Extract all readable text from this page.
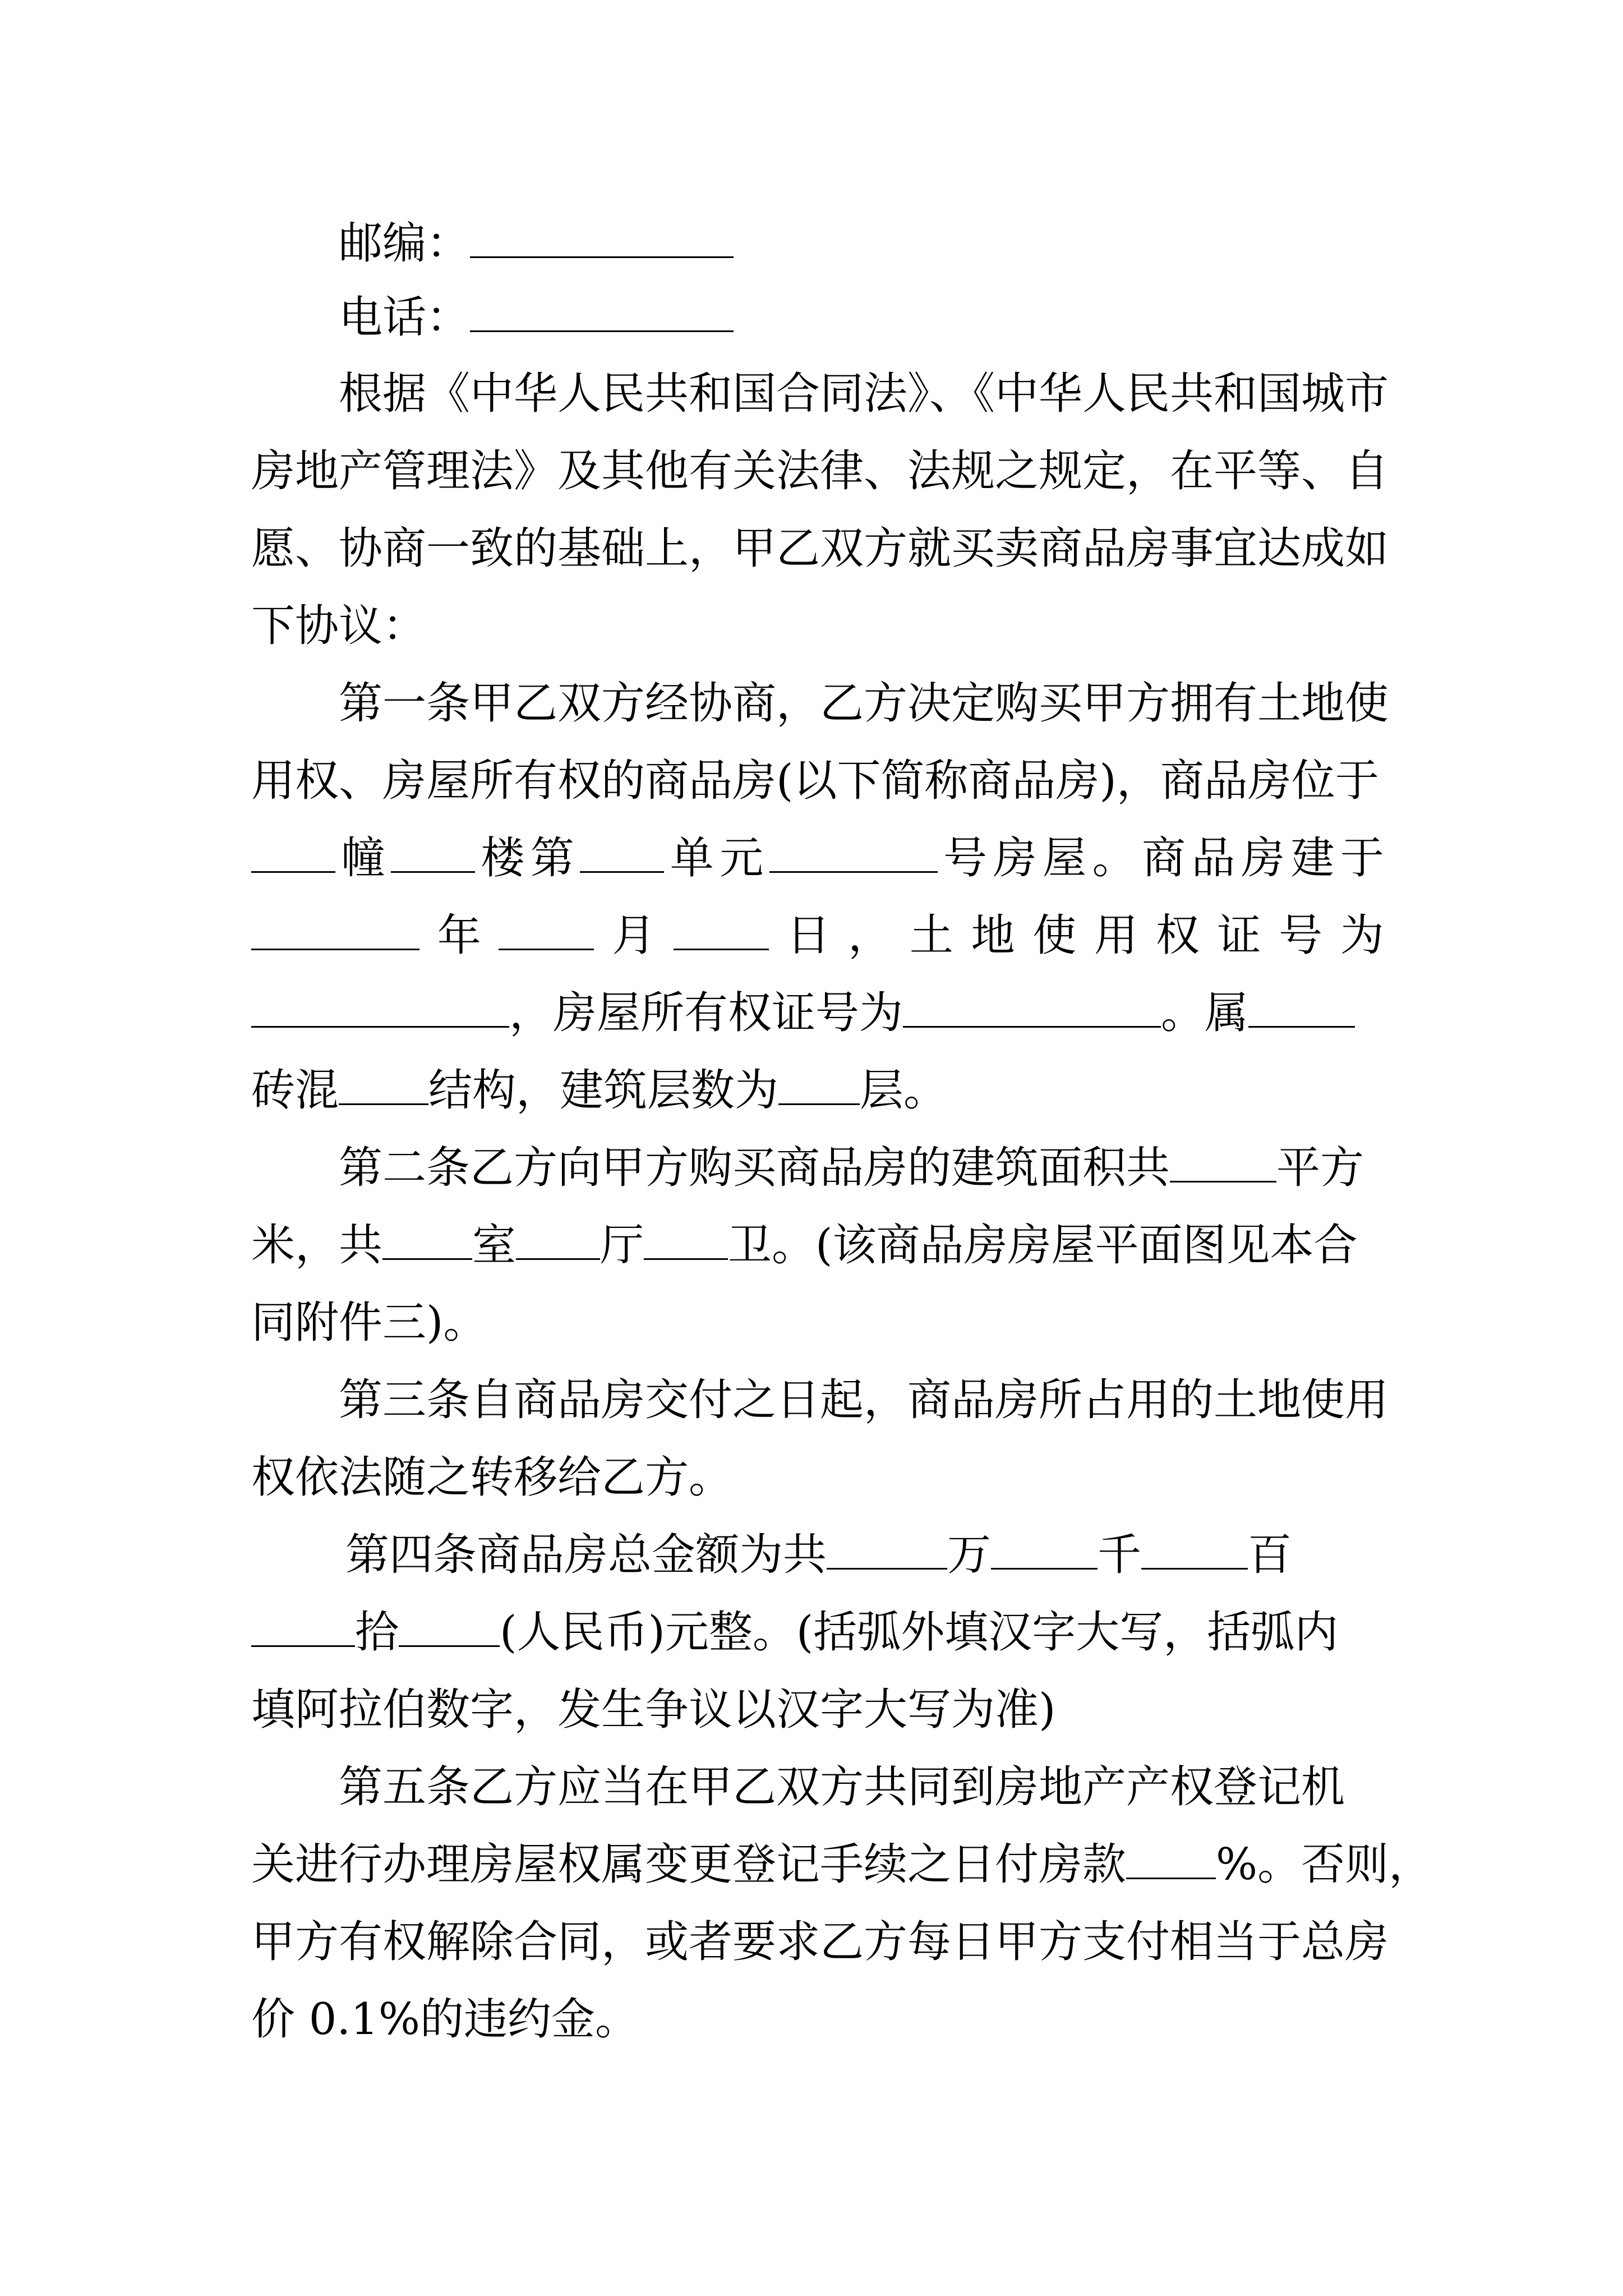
邮编：
电话：
根据《中华人民共和国合同法》、《中华人民共和国城市
房地产管理法》及其他有关法律、法规之规定，在平等、自
愿、协商一致的基础上，甲乙双方就买卖商品房事宜达成如
下协议：
第一条甲乙双方经协商，乙方决定购买甲方拥有土地使
用权、房屋所有权的商品房(以下简称商品房)，商品房位于
幢 楼 第 单 元	号 房 屋 。 商 品 房 建 于
年	月	日 ， 土 地 使 用 权 证 号 为
，房屋所有权证号为	。属
砖混 结构，建筑层数为 层。
第二条乙方向甲方购买商品房的建筑面积共 平方
米，共 室 厅 卫。(该商品房房屋平面图见本合
同附件三)。
第三条自商品房交付之日起，商品房所占用的土地使用
权依法随之转移给乙方。
第四条商品房总金额为共	万 千 百
拾 (人民币)元整。(括弧外填汉字大写，括弧内
填阿拉伯数字，发生争议以汉字大写为准)
第五条乙方应当在甲乙双方共同到房地产产权登记机
关进行办理房屋权属变更登记手续之日付房款 %。否则，
甲方有权解除合同，或者要求乙方每日甲方支付相当于总房
价 0.1%的违约金。
